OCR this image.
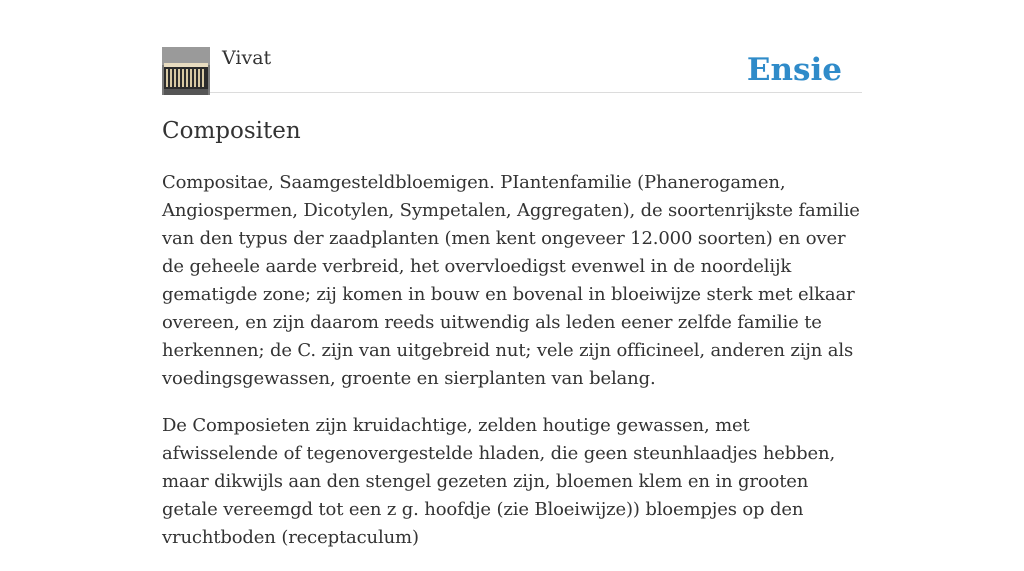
Vivat	Ensie
Compositen

Compositae, Saamgesteldbloemigen. PIantenfamilie (Phanerogamen, Angiospermen, Dicotylen, Sympetalen, Aggregaten), de soortenrijkste familie van den typus der zaadplanten (men kent ongeveer 12.000 soorten) en over de geheele aarde verbreid, het overvloedigst evenwel in de noordelijk gematigde zone; zij komen in bouw en bovenal in bloeiwijze sterk met elkaar overeen, en zijn daarom reeds uitwendig als leden eener zelfde familie te herkennen; de C. zijn van uitgebreid nut; vele zijn officineel, anderen zijn als voedingsgewassen, groente en sierplanten van belang.

De Composieten zijn kruidachtige, zelden houtige gewassen, met afwisselende of tegenovergestelde hladen, die geen steunhlaadjes hebben, maar dikwijls aan den stengel gezeten zijn, bloemen klem en in grooten getale vereemgd tot een z g. hoofdje (zie Bloeiwijze)) bloempjes op den vruchtboden (receptaculum)
